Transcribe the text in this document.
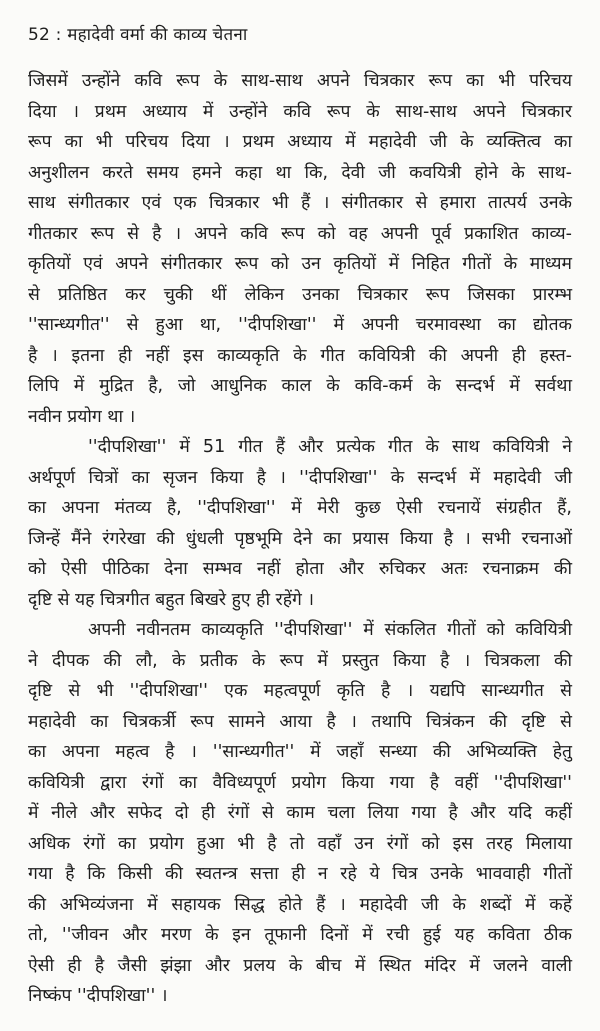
52 : महादेवी वर्मा की काव्य चेतना
जिसमें उन्होंने कवि रूप के साथ-साथ अपने चित्रकार रूप का भी परिचय
दिया । प्रथम अध्याय में उन्होंने कवि रूप के साथ-साथ अपने चित्रकार
रूप का भी परिचय दिया । प्रथम अध्याय में महादेवी जी के व्यक्तित्व का
अनुशीलन करते समय हमने कहा था कि, देवी जी कवयित्री होने के साथ-
साथ संगीतकार एवं एक चित्रकार भी हैं । संगीतकार से हमारा तात्पर्य उनके
गीतकार रूप से है । अपने कवि रूप को वह अपनी पूर्व प्रकाशित काव्य-
कृतियों एवं अपने संगीतकार रूप को उन कृतियों में निहित गीतों के माध्यम
से प्रतिष्ठित कर चुकी थीं लेकिन उनका चित्रकार रूप जिसका प्रारम्भ
''सान्ध्यगीत'' से हुआ था, ''दीपशिखा'' में अपनी चरमावस्था का द्योतक
है । इतना ही नहीं इस काव्यकृति के गीत कवियित्री की अपनी ही हस्त-
लिपि में मुद्रित है, जो आधुनिक काल के कवि-कर्म के सन्दर्भ में सर्वथा
नवीन प्रयोग था ।
''दीपशिखा'' में 51 गीत हैं और प्रत्येक गीत के साथ कवियित्री ने
अर्थपूर्ण चित्रों का सृजन किया है । ''दीपशिखा'' के सन्दर्भ में महादेवी जी
का अपना मंतव्य है, ''दीपशिखा'' में मेरी कुछ ऐसी रचनायें संग्रहीत हैं,
जिन्हें मैंने रंगरेखा की धुंधली पृष्ठभूमि देने का प्रयास किया है । सभी रचनाओं
को ऐसी पीठिका देना सम्भव नहीं होता और रुचिकर अतः रचनाक्रम की
दृष्टि से यह चित्रगीत बहुत बिखरे हुए ही रहेंगे ।
अपनी नवीनतम काव्यकृति ''दीपशिखा'' में संकलित गीतों को कवियित्री
ने दीपक की लौ, के प्रतीक के रूप में प्रस्तुत किया है । चित्रकला की
दृष्टि से भी ''दीपशिखा'' एक महत्वपूर्ण कृति है । यद्यपि सान्ध्यगीत से
महादेवी का चित्रकर्त्री रूप सामने आया है । तथापि चित्रंकन की दृष्टि से
का अपना महत्व है । ''सान्ध्यगीत'' में जहाँ सन्ध्या की अभिव्यक्ति हेतु
कवियित्री द्वारा रंगों का वैविध्यपूर्ण प्रयोग किया गया है वहीं ''दीपशिखा''
में नीले और सफेद दो ही रंगों से काम चला लिया गया है और यदि कहीं
अधिक रंगों का प्रयोग हुआ भी है तो वहाँ उन रंगों को इस तरह मिलाया
गया है कि किसी की स्वतन्त्र सत्ता ही न रहे ये चित्र उनके भाववाही गीतों
की अभिव्यंजना में सहायक सिद्ध होते हैं । महादेवी जी के शब्दों में कहें
तो, ''जीवन और मरण के इन तूफानी दिनों में रची हुई यह कविता ठीक
ऐसी ही है जैसी झंझा और प्रलय के बीच में स्थित मंदिर में जलने वाली
निष्कंप ''दीपशिखा'' ।
